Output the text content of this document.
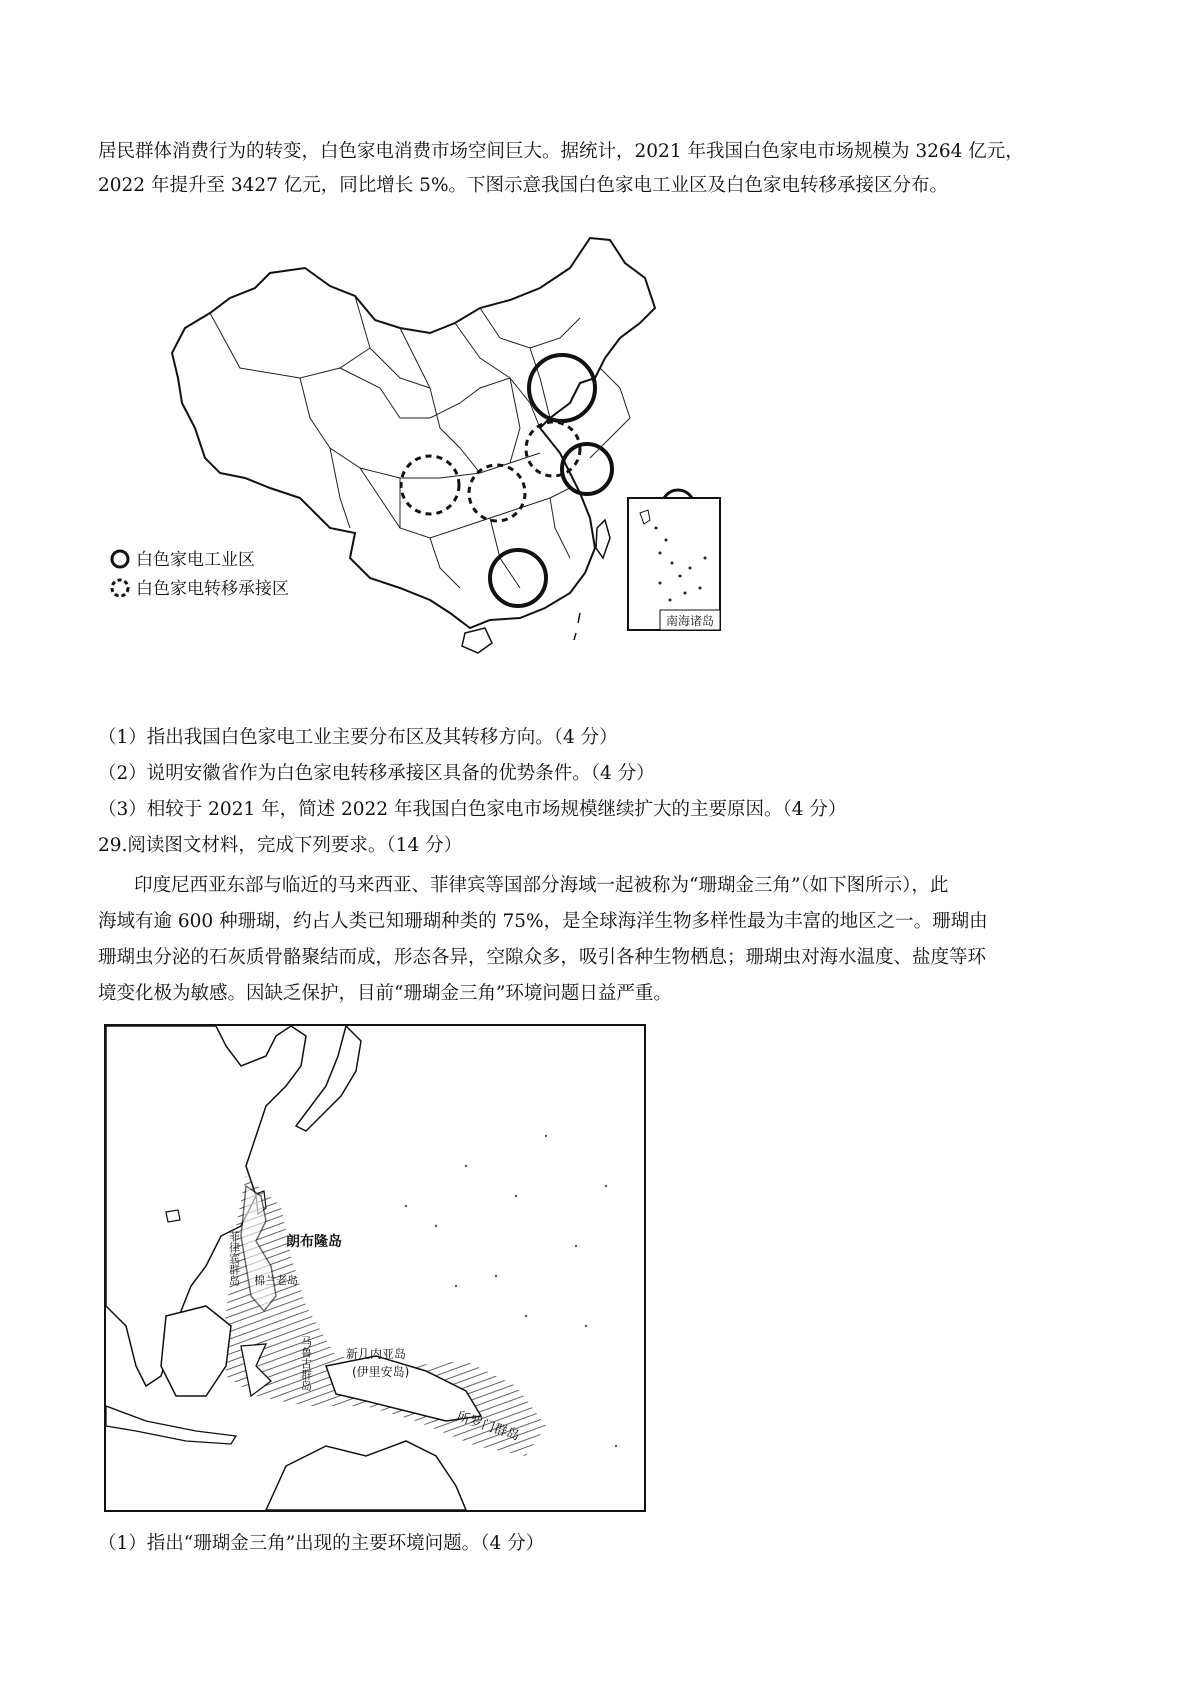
居民群体消费行为的转变，白色家电消费市场空间巨大。据统计，2021 年我国白色家电市场规模为 3264 亿元，
2022 年提升至 3427 亿元，同比增长 5%。下图示意我国白色家电工业区及白色家电转移承接区分布。
南海诸岛
白色家电工业区
白色家电转移承接区
（1）指出我国白色家电工业主要分布区及其转移方向。（4 分）
（2）说明安徽省作为白色家电转移承接区具备的优势条件。（4 分）
（3）相较于 2021 年，简述 2022 年我国白色家电市场规模继续扩大的主要原因。（4 分）
29.阅读图文材料，完成下列要求。（14 分）
印度尼西亚东部与临近的马来西亚、菲律宾等国部分海域一起被称为“珊瑚金三角”（如下图所示），此
海域有逾 600 种珊瑚，约占人类已知珊瑚种类的 75%，是全球海洋生物多样性最为丰富的地区之一。珊瑚由
珊瑚虫分泌的石灰质骨骼聚结而成，形态各异，空隙众多，吸引各种生物栖息；珊瑚虫对海水温度、盐度等环
境变化极为敏感。因缺乏保护，目前“珊瑚金三角”环境问题日益严重。
朗布隆岛
棉兰老岛
新几内亚岛
(伊里安岛)
所罗门群岛
菲律宾群岛
马鲁古群岛
（1）指出“珊瑚金三角”出现的主要环境问题。（4 分）
